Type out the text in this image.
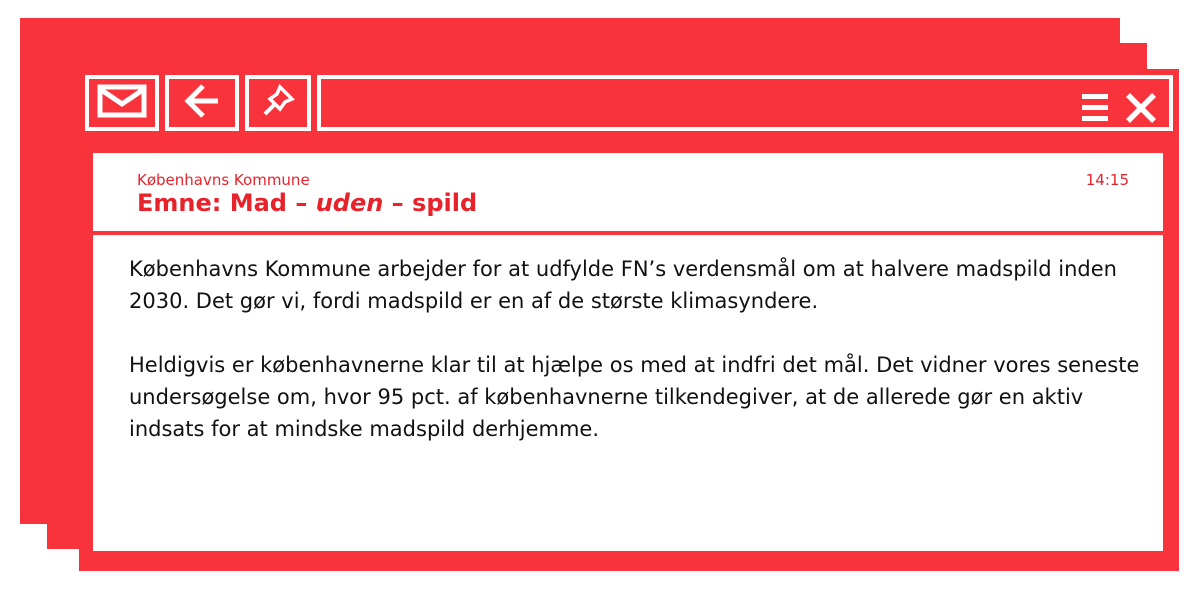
Københavns Kommune	14:15
Emne: Mad – uden – spild

Københavns Kommune arbejder for at udfylde FN’s verdensmål om at halvere madspild inden 2030. Det gør vi, fordi madspild er en af de største klimasyndere.

Heldigvis er københavnerne klar til at hjælpe os med at indfri det mål. Det vidner vores seneste undersøgelse om, hvor 95 pct. af københavnerne tilkendegiver, at de allerede gør en aktiv indsats for at mindske madspild derhjemme.
